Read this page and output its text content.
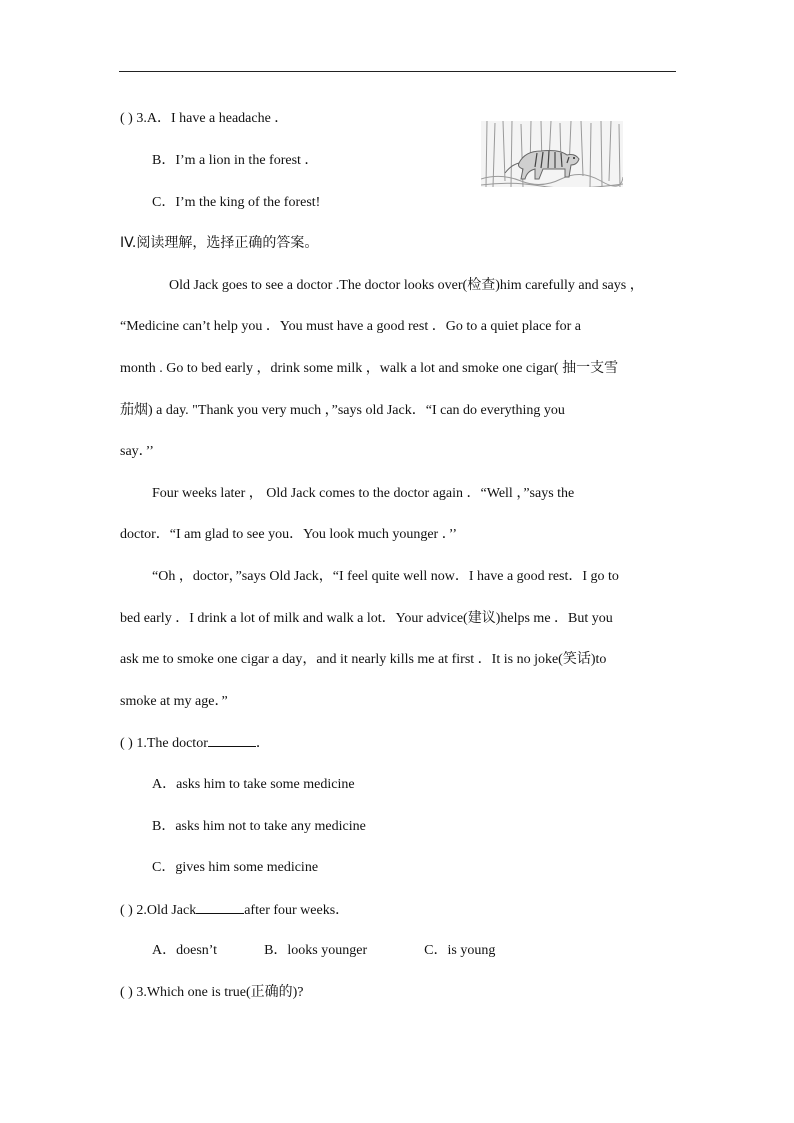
( ) 3.A．I have a headache ．
B．I’m a lion in the forest ．
C．I’m the king of the forest!
IV.阅读理解，选择正确的答案。
Old Jack goes to see a doctor .The doctor looks over(检查)him carefully and says ，
“Medicine can’t help you ．You must have a good rest ．Go to a quiet place for a
month . Go to bed early ，drink some milk ，walk a lot and smoke one cigar( 抽一支雪
茄烟) a day. "Thank you very much ，”says old Jack．“I can do everything you
say．’’
Four weeks later ， Old Jack comes to the doctor again ．“Well ，”says the
doctor．“I am glad to see you．You look much younger ．’’
“Oh ，doctor，”says Old Jack，“I feel quite well now．I have a good rest．I go to
bed early ．I drink a lot of milk and walk a lot．Your advice(建议)helps me ．But you
ask me to smoke one cigar a day，and it nearly kills me at first ．It is no joke(笑话)to
smoke at my age．”
( ) 1.The doctor	．
A．asks him to take some medicine
B．asks him not to take any medicine
C．gives him some medicine
( ) 2.Old Jack	after four weeks．
A．doesn’t	B．looks younger	C．is young
( ) 3.Which one is true(正确的)?
